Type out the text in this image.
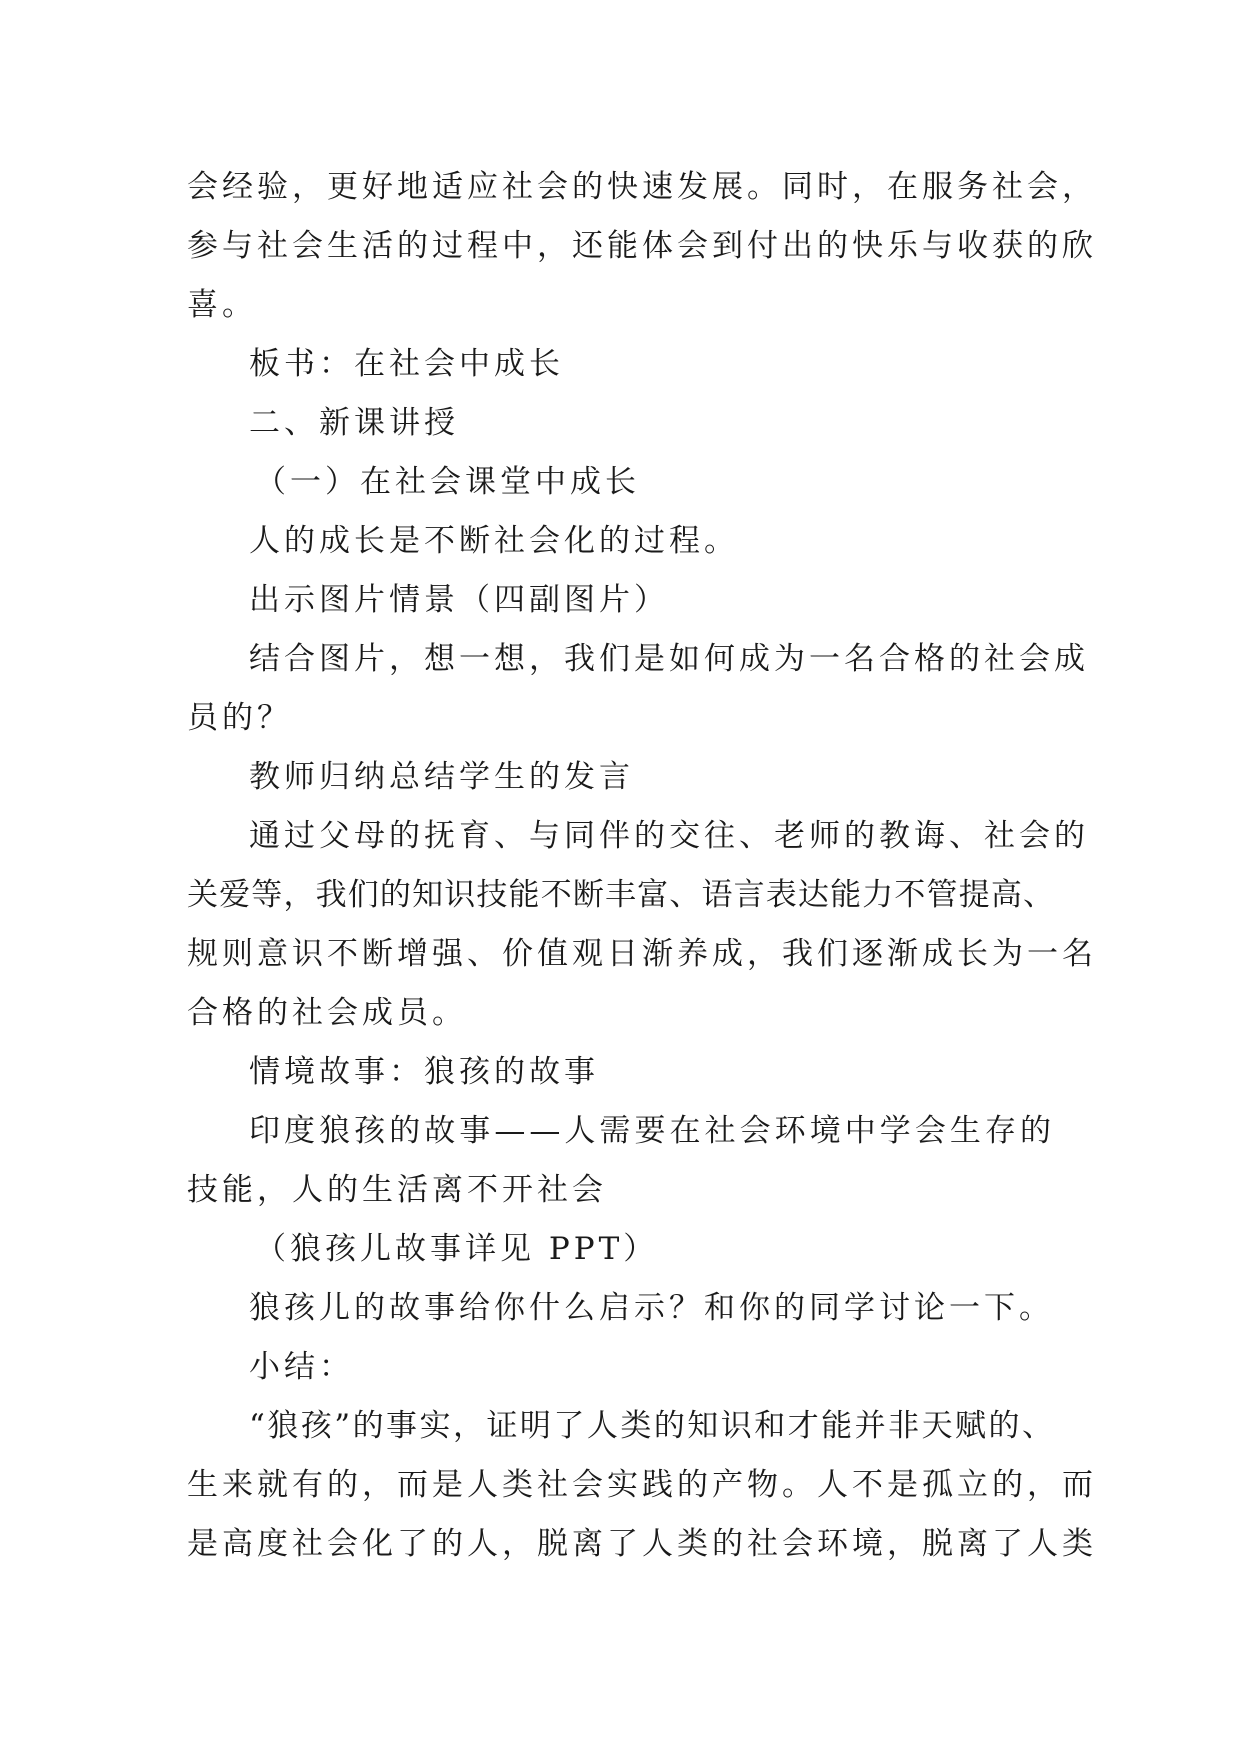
会经验，更好地适应社会的快速发展。同时，在服务社会，
参与社会生活的过程中，还能体会到付出的快乐与收获的欣
喜。
板书：在社会中成长
二、新课讲授
（一）在社会课堂中成长
人的成长是不断社会化的过程。
出示图片情景（四副图片）
结合图片，想一想，我们是如何成为一名合格的社会成
员的？
教师归纳总结学生的发言
通过父母的抚育、与同伴的交往、老师的教诲、社会的
关爱等，我们的知识技能不断丰富、语言表达能力不管提高、
规则意识不断增强、价值观日渐养成，我们逐渐成长为一名
合格的社会成员。
情境故事：狼孩的故事
印度狼孩的故事——人需要在社会环境中学会生存的
技能，人的生活离不开社会
（狼孩儿故事详见 PPT）
狼孩儿的故事给你什么启示？和你的同学讨论一下。
小结：
“狼孩”的事实，证明了人类的知识和才能并非天赋的、
生来就有的，而是人类社会实践的产物。人不是孤立的，而
是高度社会化了的人，脱离了人类的社会环境，脱离了人类
